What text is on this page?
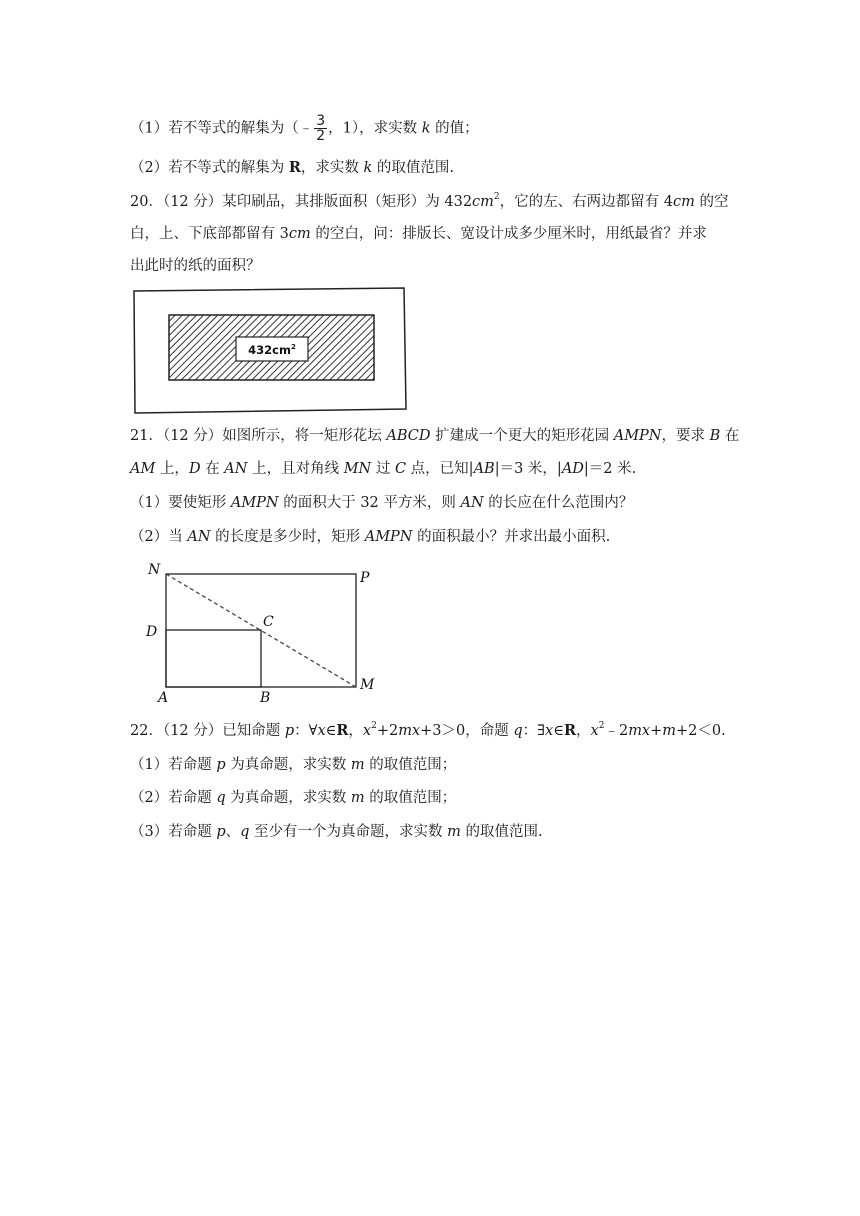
（1）若不等式的解集为（﹣ $\frac{3}{2}$ ，1），求实数 k 的值；
（2）若不等式的解集为 R，求实数 k 的取值范围.
20．（12 分）某印刷品，其排版面积（矩形）为 $432cm^2$，它的左、右两边都留有 4cm 的空
白，上、下底部都留有 3cm 的空白，问：排版长、宽设计成多少厘米时，用纸最省？并求
出此时的纸的面积？
$432cm^2$
21．（12 分）如图所示，将一矩形花坛 ABCD 扩建成一个更大的矩形花园 AMPN，要求 B 在
AM 上，D 在 AN 上，且对角线 MN 过 C 点，已知|AB|＝3 米，|AD|＝2 米.
（1）要使矩形 AMPN 的面积大于 32 平方米，则 AN 的长应在什么范围内？
（2）当 AN 的长度是多少时，矩形 AMPN 的面积最小？并求出最小面积.
N	P
D
C
A	B
M
22．（12 分）已知命题 p：∀x∈R，$x^2+2mx+3>0$，命题 q：∃x∈R，$x^2﹣2mx+m+2<0$.
（1）若命题 p 为真命题，求实数 m 的取值范围；
（2）若命题 q 为真命题，求实数 m 的取值范围；
（3）若命题 p、q 至少有一个为真命题，求实数 m 的取值范围.
